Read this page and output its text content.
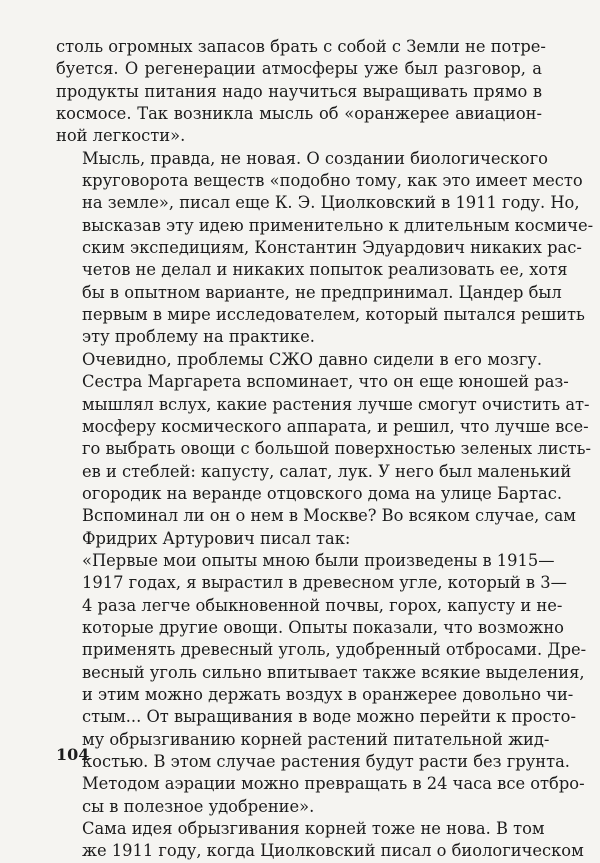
столь огромных запасов брать с собой с Земли не потре-
буется. О регенерации атмосферы уже был разговор, а
продукты питания надо научиться выращивать прямо в
космосе. Так возникла мысль об «оранжерее авиацион-
ной легкости».
Мысль, правда, не новая. О создании биологического
круговорота веществ «подобно тому, как это имеет место
на земле», писал еще К. Э. Циолковский в 1911 году. Но,
высказав эту идею применительно к длительным космиче-
ским экспедициям, Константин Эдуардович никаких рас-
четов не делал и никаких попыток реализовать ее, хотя
бы в опытном варианте, не предпринимал. Цандер был
первым в мире исследователем, который пытался решить
эту проблему на практике.
Очевидно, проблемы СЖО давно сидели в его мозгу.
Сестра Маргарета вспоминает, что он еще юношей раз-
мышлял вслух, какие растения лучше смогут очистить ат-
мосферу космического аппарата, и решил, что лучше все-
го выбрать овощи с большой поверхностью зеленых листь-
ев и стеблей: капусту, салат, лук. У него был маленький
огородик на веранде отцовского дома на улице Бартас.
Вспоминал ли он о нем в Москве? Во всяком случае, сам
Фридрих Артурович писал так:
«Первые мои опыты мною были произведены в 1915—
1917 годах, я вырастил в древесном угле, который в 3—
4 раза легче обыкновенной почвы, горох, капусту и не-
которые другие овощи. Опыты показали, что возможно
применять древесный уголь, удобренный отбросами. Дре-
весный уголь сильно впитывает также всякие выделения,
и этим можно держать воздух в оранжерее довольно чи-
стым... От выращивания в воде можно перейти к просто-
му обрызгиванию корней растений питательной жид-
костью. В этом случае растения будут расти без грунта.
Методом аэрации можно превращать в 24 часа все отбро-
сы в полезное удобрение».
Сама идея обрызгивания корней тоже не нова. В том
же 1911 году, когда Циолковский писал о биологическом
104
